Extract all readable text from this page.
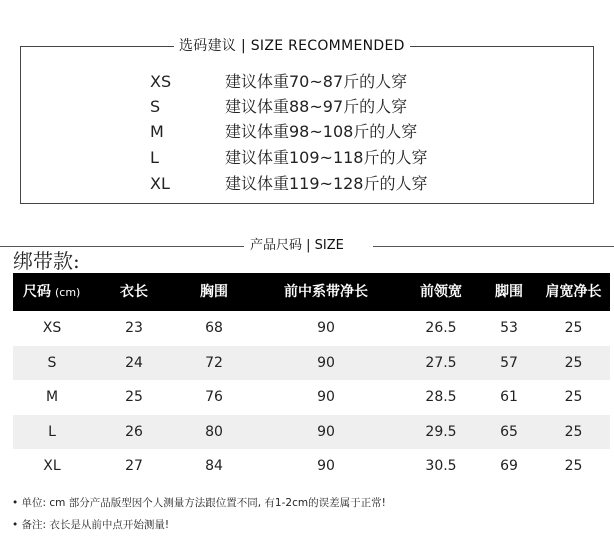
选码建议 | SIZE RECOMMENDED
XS	建议体重70~87斤的人穿
S	建议体重88~97斤的人穿
M	建议体重98~108斤的人穿
L	建议体重109~118斤的人穿
XL	建议体重119~128斤的人穿
产品尺码 | SIZE
绑带款:
尺码 (cm)	衣长	胸围	前中系带净长	前领宽	脚围	肩宽净长
XS	23	68	90	26.5	53	25
S	24	72	90	27.5	57	25
M	25	76	90	28.5	61	25
L	26	80	90	29.5	65	25
XL	27	84	90	30.5	69	25
• 单位: cm 部分产品版型因个人测量方法跟位置不同, 有1-2cm的误差属于正常!
• 备注: 衣长是从前中点开始测量!
